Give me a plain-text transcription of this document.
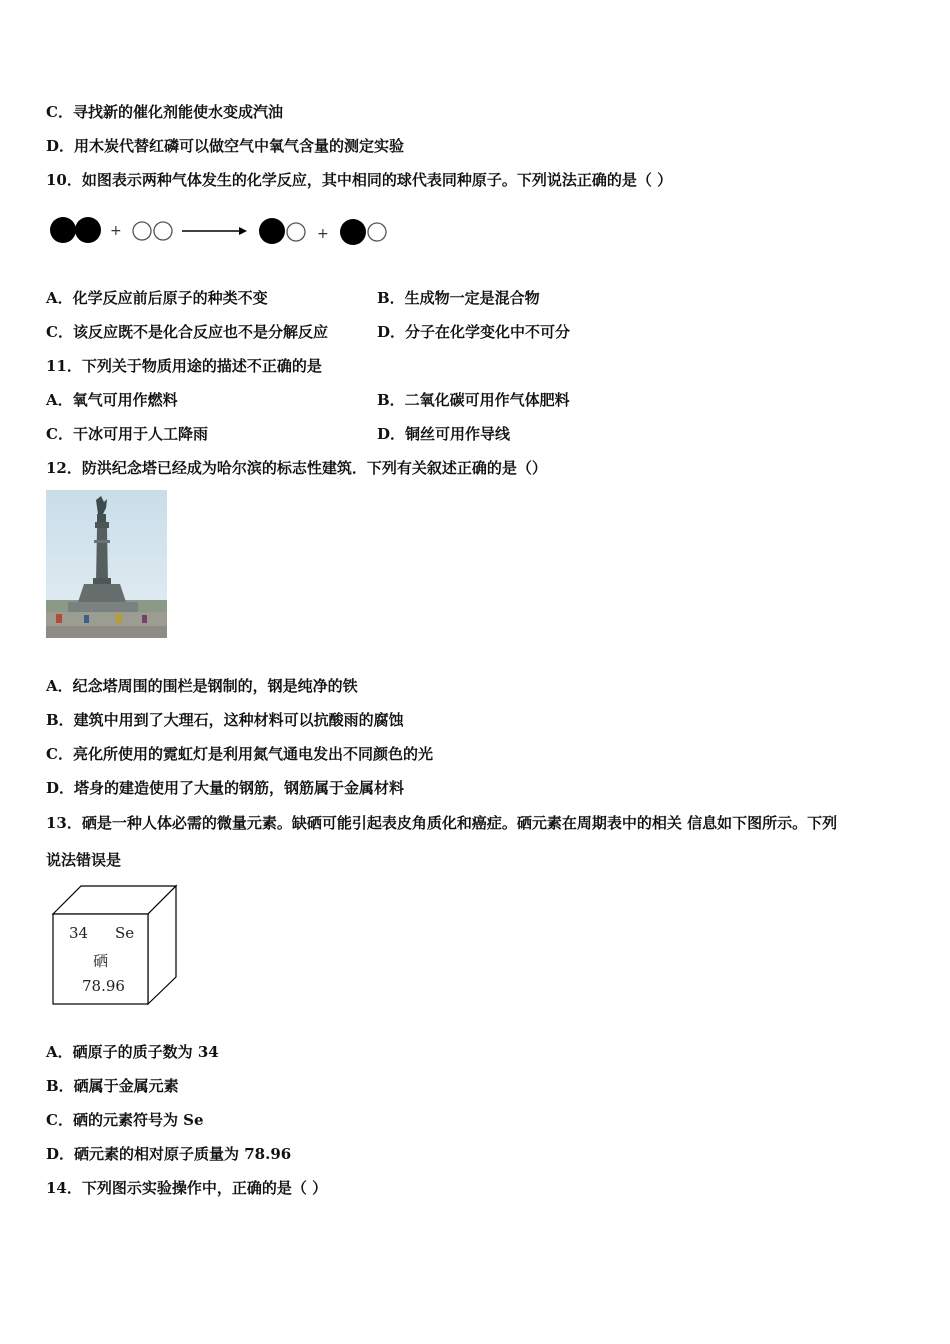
C．寻找新的催化剂能使水变成汽油
D．用木炭代替红磷可以做空气中氧气含量的测定实验
10．如图表示两种气体发生的化学反应，其中相同的球代表同种原子。下列说法正确的是（ ）
+	+
A．化学反应前后原子的种类不变	B．生成物一定是混合物
C．该反应既不是化合反应也不是分解反应	D．分子在化学变化中不可分
11．下列关于物质用途的描述不正确的是
A．氧气可用作燃料	B．二氧化碳可用作气体肥料
C．干冰可用于人工降雨	D．铜丝可用作导线
12．防洪纪念塔已经成为哈尔滨的标志性建筑．下列有关叙述正确的是（）
A．纪念塔周围的围栏是钢制的，钢是纯净的铁
B．建筑中用到了大理石，这种材料可以抗酸雨的腐蚀
C．亮化所使用的霓虹灯是利用氮气通电发出不同颜色的光
D．塔身的建造使用了大量的钢筋，钢筋属于金属材料
13．硒是一种人体必需的微量元素。缺硒可能引起表皮角质化和癌症。硒元素在周期表中的相关 信息如下图所示。下列
说法错误是
34 Se
硒
78.96
A．硒原子的质子数为 34
B．硒属于金属元素
C．硒的元素符号为 Se
D．硒元素的相对原子质量为 78.96
14．下列图示实验操作中，正确的是（ ）
